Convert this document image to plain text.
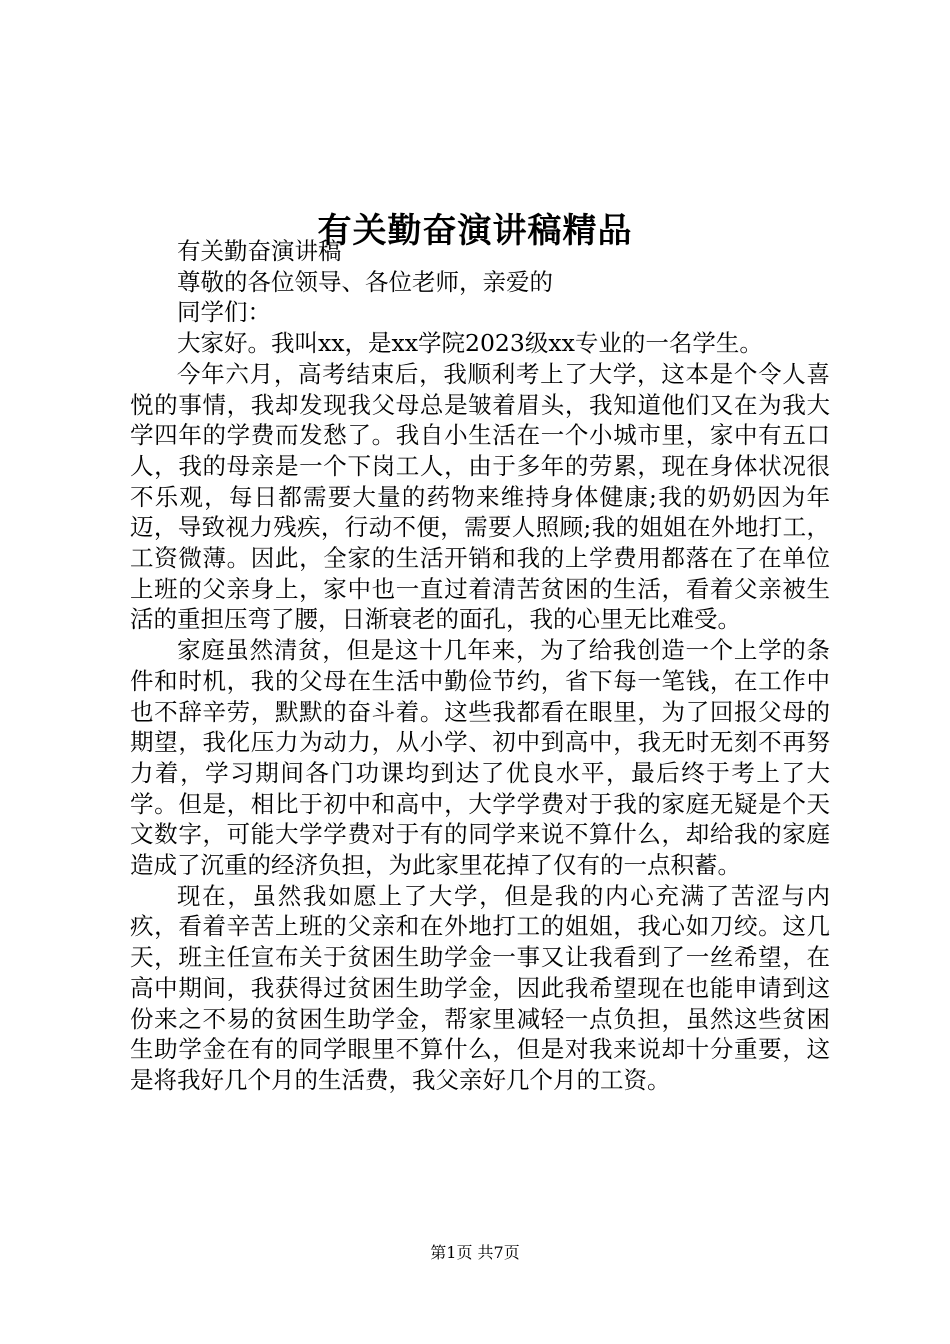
有关勤奋演讲稿精品

有关勤奋演讲稿

尊敬的各位领导、各位老师，亲爱的

同学们：

大家好。我叫xx，是xx学院2023级xx专业的一名学生。

今年六月，高考结束后，我顺利考上了大学，这本是个令人喜悦的事情，我却发现我父母总是皱着眉头，我知道他们又在为我大学四年的学费而发愁了。我自小生活在一个小城市里，家中有五口人，我的母亲是一个下岗工人，由于多年的劳累，现在身体状况很不乐观，每日都需要大量的药物来维持身体健康;我的奶奶因为年迈，导致视力残疾，行动不便，需要人照顾;我的姐姐在外地打工，工资微薄。因此，全家的生活开销和我的上学费用都落在了在单位上班的父亲身上，家中也一直过着清苦贫困的生活，看着父亲被生活的重担压弯了腰，日渐衰老的面孔，我的心里无比难受。

家庭虽然清贫，但是这十几年来，为了给我创造一个上学的条件和时机，我的父母在生活中勤俭节约，省下每一笔钱，在工作中也不辞辛劳，默默的奋斗着。这些我都看在眼里，为了回报父母的期望，我化压力为动力，从小学、初中到高中，我无时无刻不再努力着，学习期间各门功课均到达了优良水平，最后终于考上了大学。但是，相比于初中和高中，大学学费对于我的家庭无疑是个天文数字，可能大学学费对于有的同学来说不算什么，却给我的家庭造成了沉重的经济负担，为此家里花掉了仅有的一点积蓄。

现在，虽然我如愿上了大学，但是我的内心充满了苦涩与内疚，看着辛苦上班的父亲和在外地打工的姐姐，我心如刀绞。这几天，班主任宣布关于贫困生助学金一事又让我看到了一丝希望，在高中期间，我获得过贫困生助学金，因此我希望现在也能申请到这份来之不易的贫困生助学金，帮家里减轻一点负担，虽然这些贫困生助学金在有的同学眼里不算什么，但是对我来说却十分重要，这是将我好几个月的生活费，我父亲好几个月的工资。

第1页 共7页
